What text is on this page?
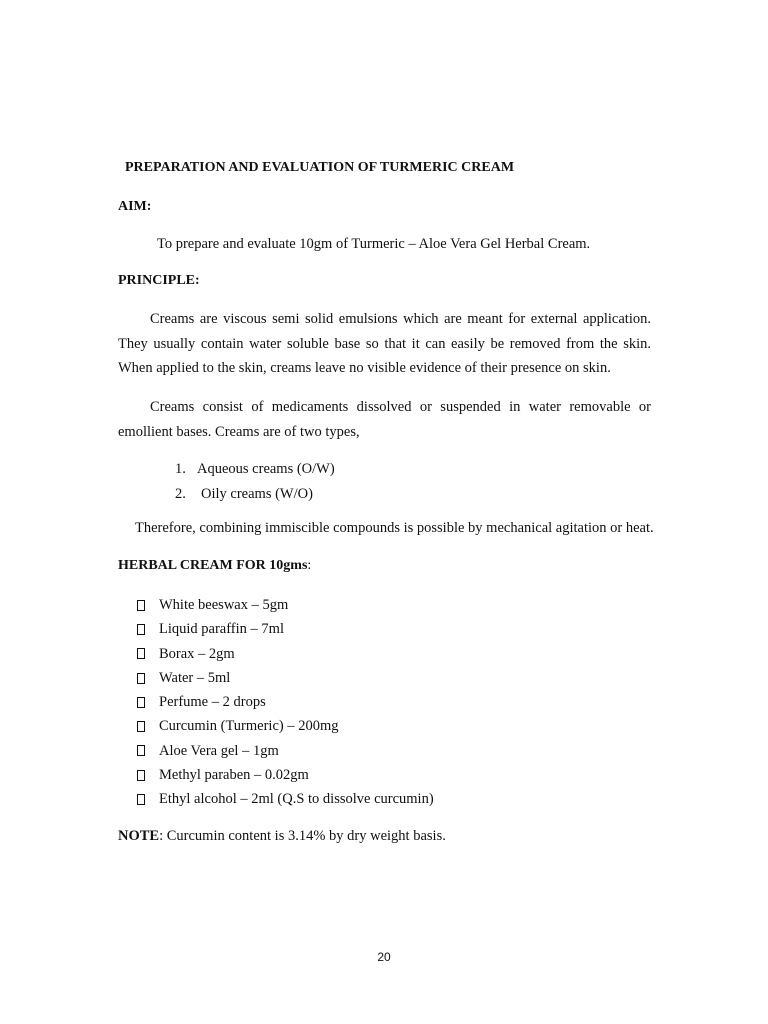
PREPARATION AND EVALUATION OF TURMERIC CREAM
AIM:
To prepare and evaluate 10gm of Turmeric – Aloe Vera Gel Herbal Cream.
PRINCIPLE:
Creams are viscous semi solid emulsions which are meant for external application. They usually contain water soluble base so that it can easily be removed from the skin. When applied to the skin, creams leave no visible evidence of their presence on skin.
Creams consist of medicaments dissolved or suspended in water removable or emollient bases. Creams are of two types,
1. Aqueous creams (O/W)
2.	Oily creams (W/O)
Therefore, combining immiscible compounds is possible by mechanical agitation or heat.
HERBAL CREAM FOR 10gms:
White beeswax – 5gm
Liquid paraffin – 7ml
Borax – 2gm
Water – 5ml
Perfume – 2 drops
Curcumin (Turmeric) – 200mg
Aloe Vera gel – 1gm
Methyl paraben – 0.02gm
Ethyl alcohol – 2ml (Q.S to dissolve curcumin)
NOTE: Curcumin content is 3.14% by dry weight basis.
20
